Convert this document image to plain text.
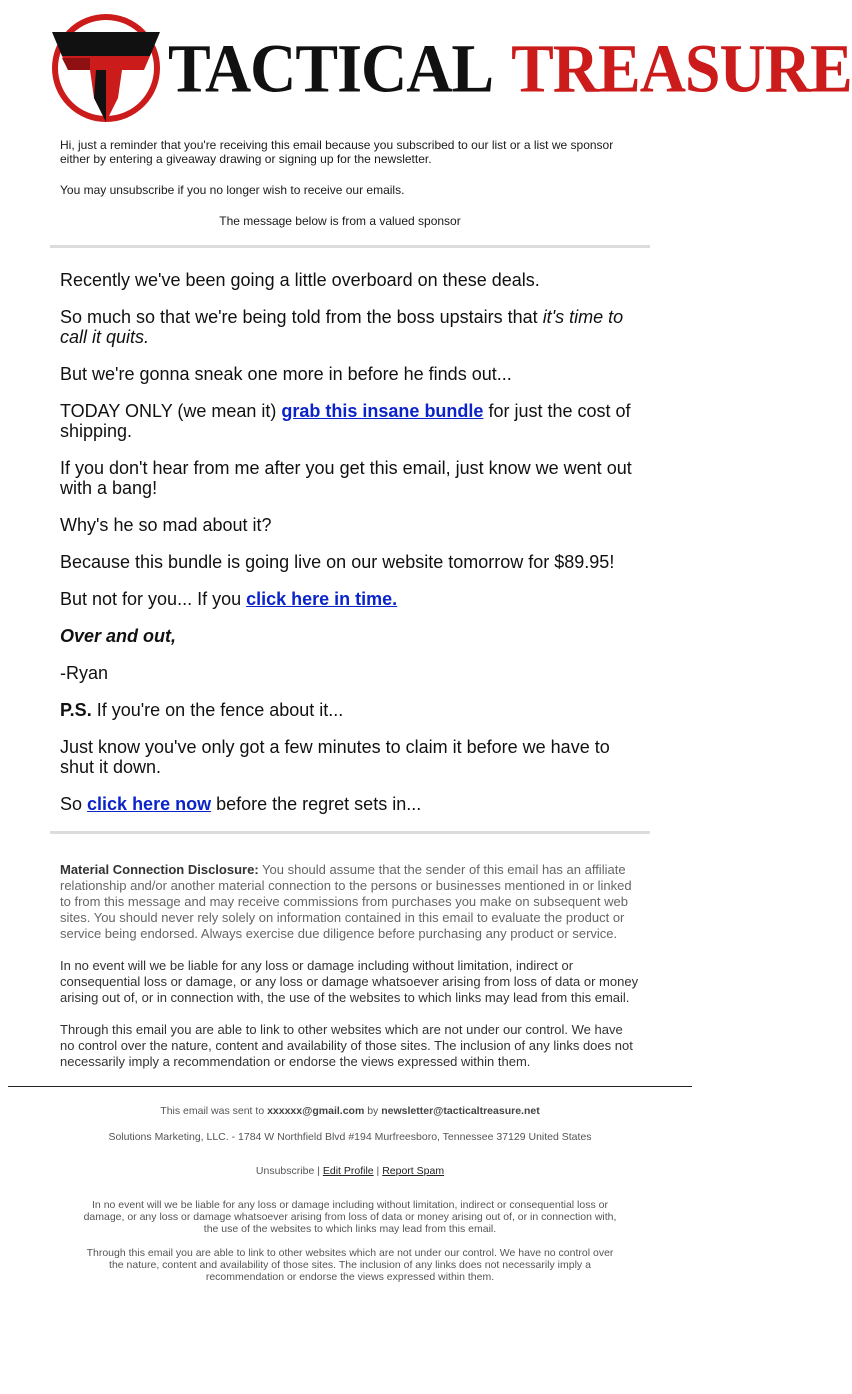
TACTICAL TREASURE

Hi, just a reminder that you're receiving this email because you subscribed to our list or a list we sponsor either by entering a giveaway drawing or signing up for the newsletter.

You may unsubscribe if you no longer wish to receive our emails.

The message below is from a valued sponsor

Recently we've been going a little overboard on these deals.

So much so that we're being told from the boss upstairs that it's time to call it quits.

But we're gonna sneak one more in before he finds out...

TODAY ONLY (we mean it) grab this insane bundle for just the cost of shipping.

If you don't hear from me after you get this email, just know we went out with a bang!

Why's he so mad about it?

Because this bundle is going live on our website tomorrow for $89.95!

But not for you... If you click here in time.

Over and out,

-Ryan

P.S. If you're on the fence about it...

Just know you've only got a few minutes to claim it before we have to shut it down.

So click here now before the regret sets in...

Material Connection Disclosure: You should assume that the sender of this email has an affiliate relationship and/or another material connection to the persons or businesses mentioned in or linked to from this message and may receive commissions from purchases you make on subsequent web sites. You should never rely solely on information contained in this email to evaluate the product or service being endorsed. Always exercise due diligence before purchasing any product or service.

In no event will we be liable for any loss or damage including without limitation, indirect or consequential loss or damage, or any loss or damage whatsoever arising from loss of data or money arising out of, or in connection with, the use of the websites to which links may lead from this email.

Through this email you are able to link to other websites which are not under our control. We have no control over the nature, content and availability of those sites. The inclusion of any links does not necessarily imply a recommendation or endorse the views expressed within them.

This email was sent to xxxxxx@gmail.com by newsletter@tacticaltreasure.net

Solutions Marketing, LLC. - 1784 W Northfield Blvd #194 Murfreesboro, Tennessee 37129 United States

Unsubscribe | Edit Profile | Report Spam

In no event will we be liable for any loss or damage including without limitation, indirect or consequential loss or damage, or any loss or damage whatsoever arising from loss of data or money arising out of, or in connection with, the use of the websites to which links may lead from this email.

Through this email you are able to link to other websites which are not under our control. We have no control over the nature, content and availability of those sites. The inclusion of any links does not necessarily imply a recommendation or endorse the views expressed within them.
